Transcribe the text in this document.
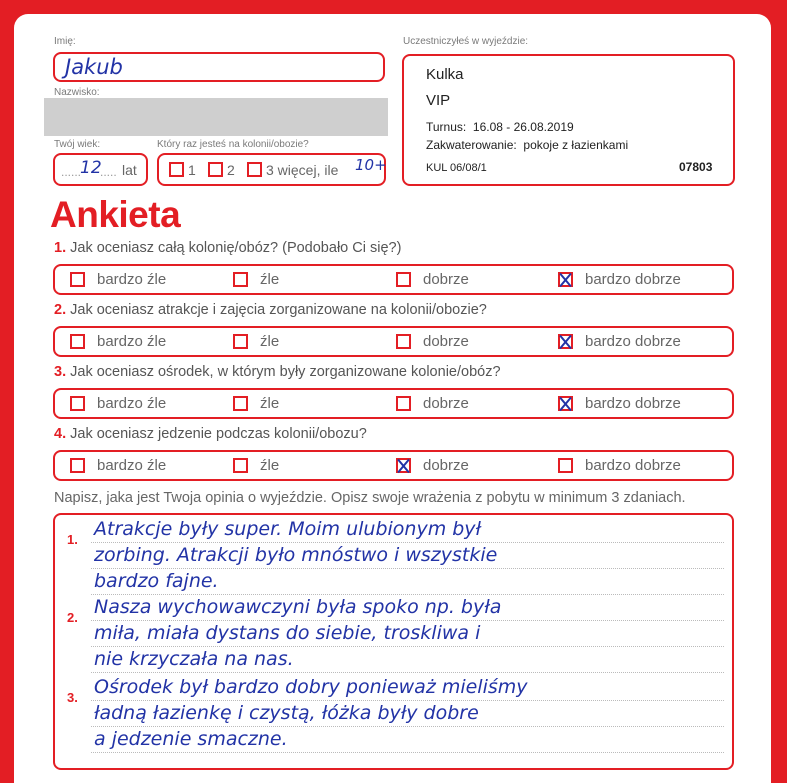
Imię:
Jakub
Nazwisko:
Twój wiek:
......
12
..... lat
Który raz jesteś na kolonii/obozie?
1 2 3 więcej, ile 10+
Uczestniczyłeś w wyjeździe:
Kulka
VIP
Turnus: 16.08 - 26.08.2019
Zakwaterowanie: pokoje z łazienkami
KUL 06/08/1	07803
Ankieta
1. Jak oceniasz całą kolonię/obóz? (Podobało Ci się?)
bardzo źle	źle	dobrze	bardzo dobrze
2. Jak oceniasz atrakcje i zajęcia zorganizowane na kolonii/obozie?
bardzo źle	źle	dobrze	bardzo dobrze
3. Jak oceniasz ośrodek, w którym były zorganizowane kolonie/obóz?
bardzo źle	źle	dobrze	bardzo dobrze
4. Jak oceniasz jedzenie podczas kolonii/obozu?
bardzo źle	źle	dobrze	bardzo dobrze
Napisz, jaka jest Twoja opinia o wyjeździe. Opisz swoje wrażenia z pobytu w minimum 3 zdaniach.
1. Atrakcje były super. Moim ulubionym był
zorbing. Atrakcji było mnóstwo i wszystkie
bardzo fajne.
2. Nasza wychowawczyni była spoko np. była
miła, miała dystans do siebie, troskliwa i
nie krzyczała na nas.
3. Ośrodek był bardzo dobry ponieważ mieliśmy
ładną łazienkę i czystą, łóżka były dobre
a jedzenie smaczne.
